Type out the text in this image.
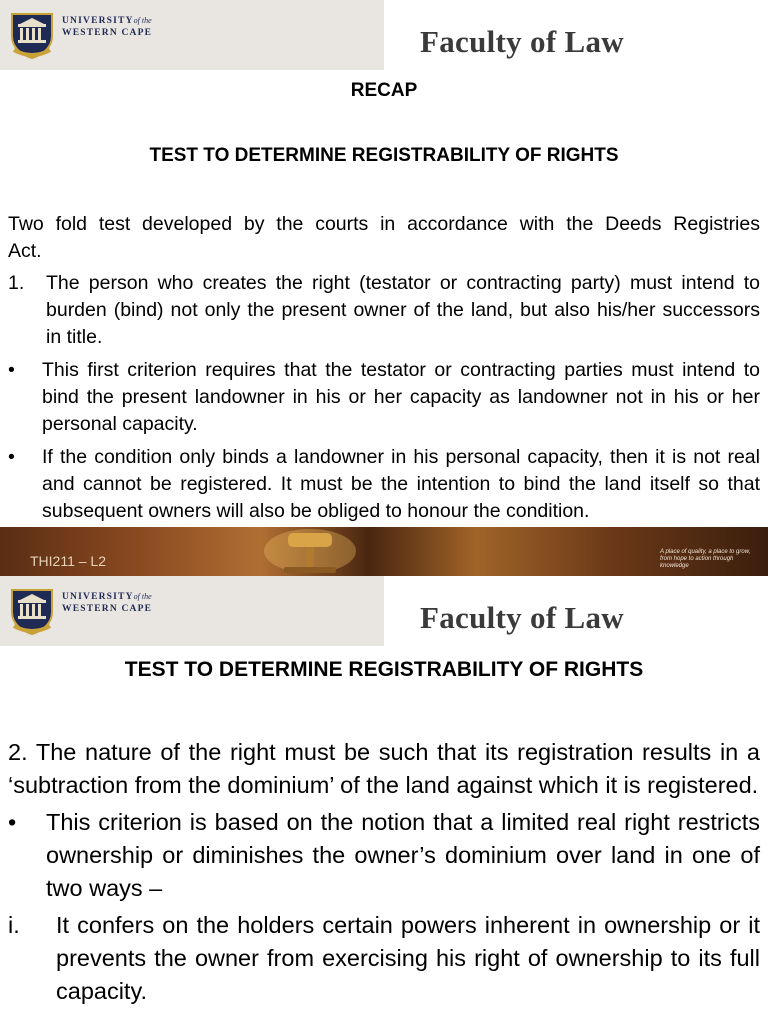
UNIVERSITYof the
WESTERN CAPE	Faculty of Law
RECAP
TEST TO DETERMINE REGISTRABILITY OF RIGHTS
Two fold test developed by the courts in accordance with the Deeds Registries
Act.
1. The person who creates the right (testator or contracting party) must intend to burden (bind) not only the present owner of the land, but also his/her successors in title.
• This first criterion requires that the testator or contracting parties must intend to bind the present landowner in his or her capacity as landowner not in his or her personal capacity.
• If the condition only binds a landowner in his personal capacity, then it is not real and cannot be registered. It must be the intention to bind the land itself so that subsequent owners will also be obliged to honour the condition.
THI211 – L2
A place of quality, a place to grow, from hope to action through knowledge
UNIVERSITYof the
WESTERN CAPE	Faculty of Law
TEST TO DETERMINE REGISTRABILITY OF RIGHTS
2. The nature of the right must be such that its registration results in a ‘subtraction from the dominium’ of the land against which it is registered.
• This criterion is based on the notion that a limited real right restricts ownership or diminishes the owner’s dominium over land in one of two ways –
i. It confers on the holders certain powers inherent in ownership or it prevents the owner from exercising his right of ownership to its full capacity.
